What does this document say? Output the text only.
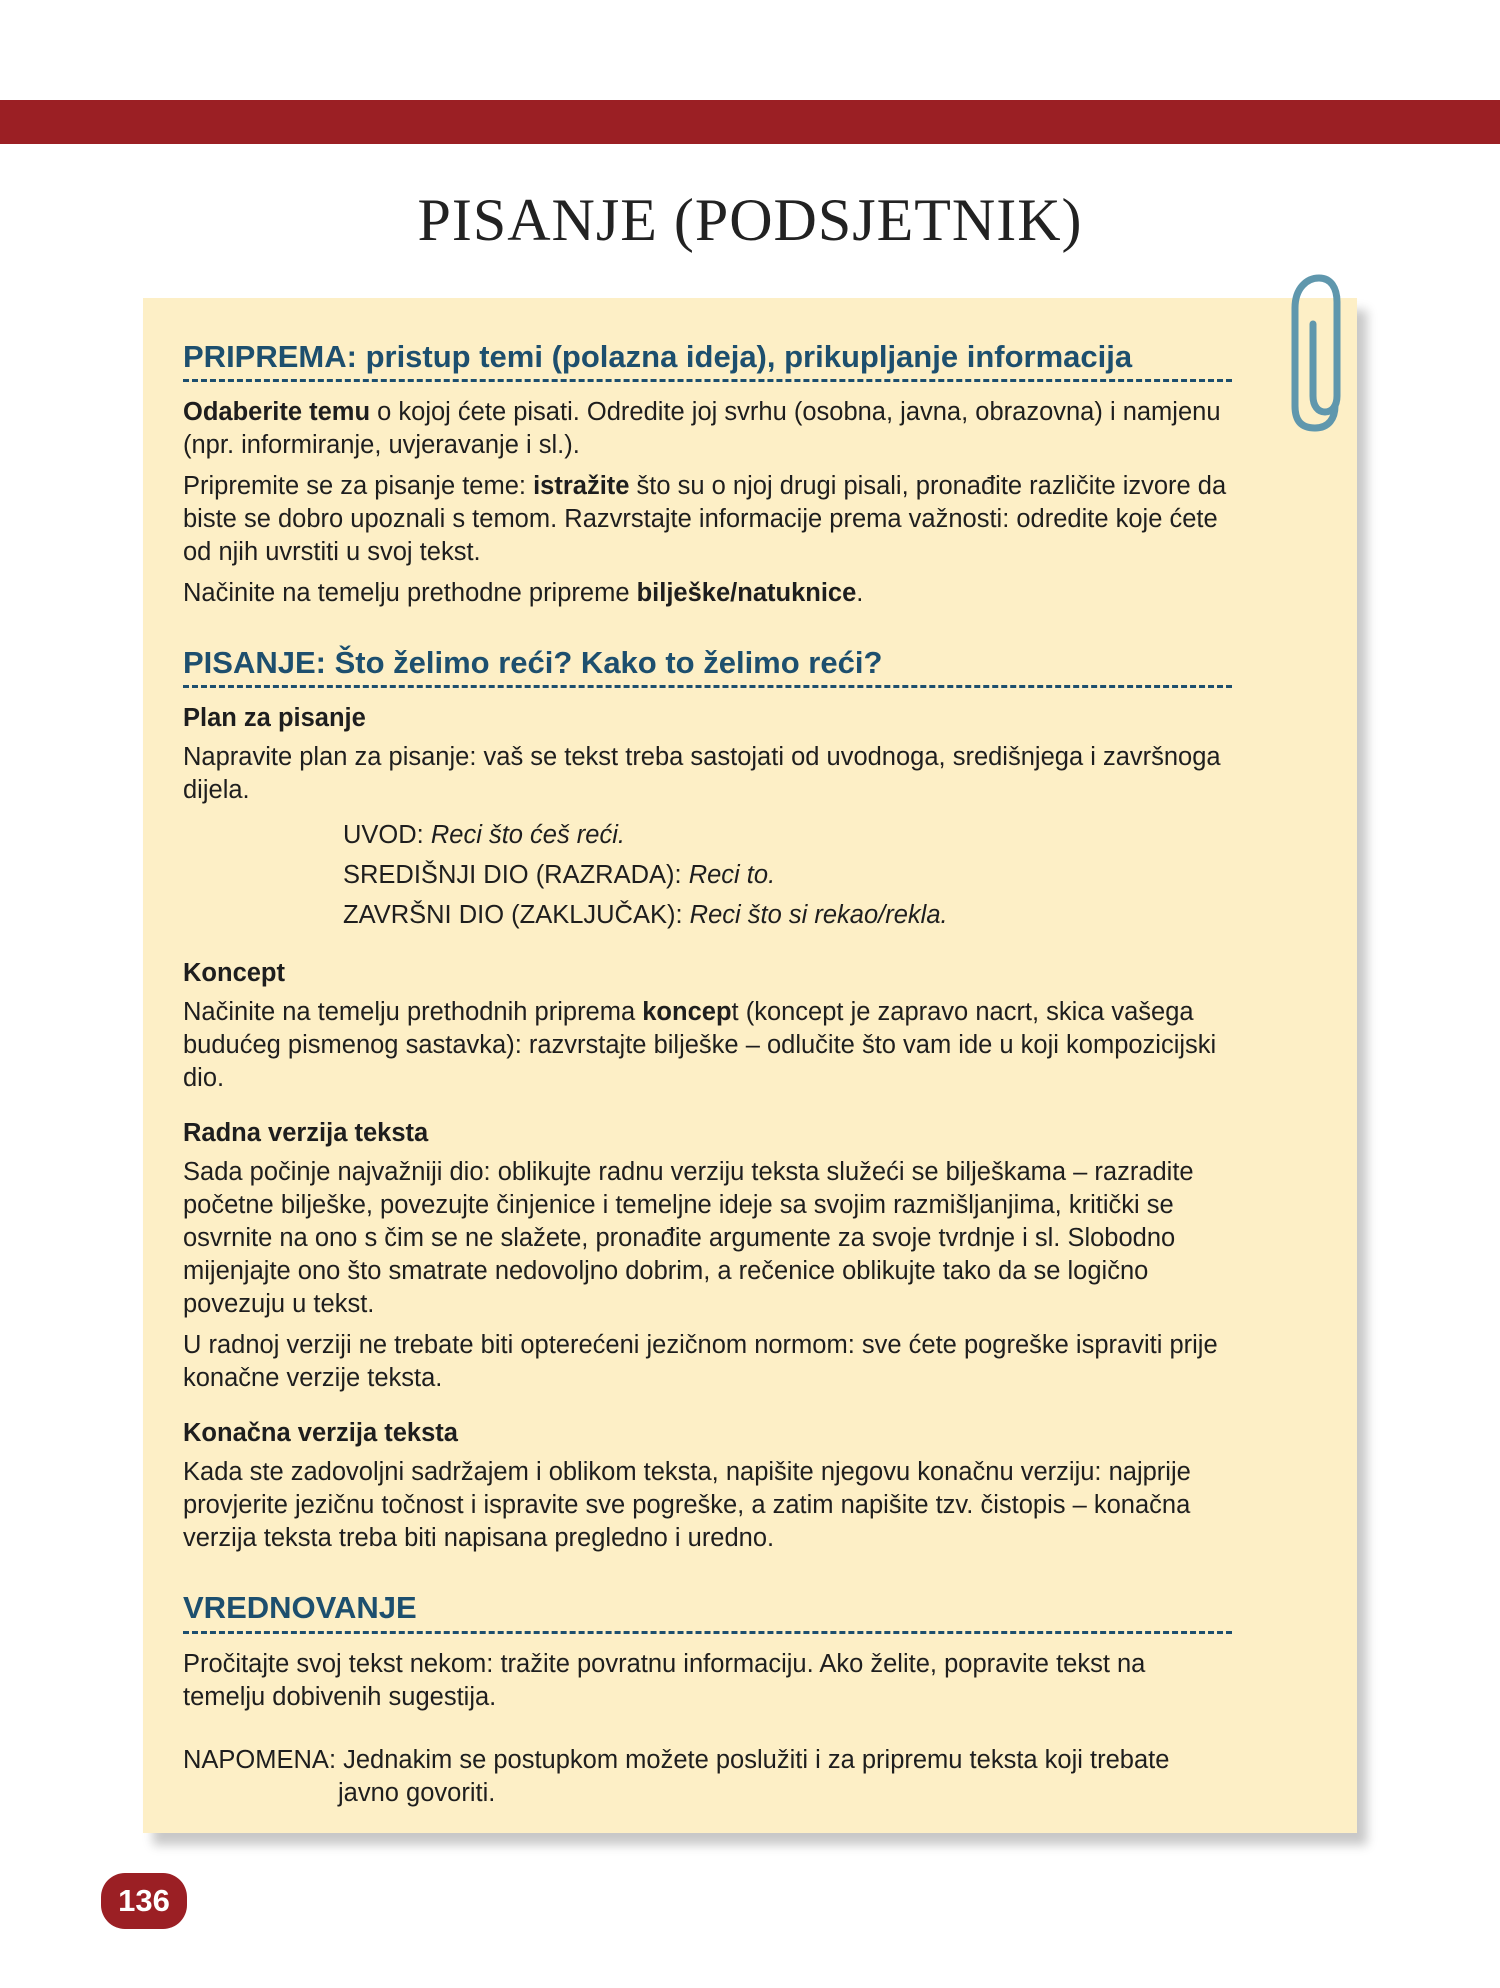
PISANJE (PODSJETNIK)
PRIPREMA: pristup temi (polazna ideja), prikupljanje informacija

Odaberite temu o kojoj ćete pisati. Odredite joj svrhu (osobna, javna, obrazovna) i namjenu (npr. informiranje, uvjeravanje i sl.).

Pripremite se za pisanje teme: istražite što su o njoj drugi pisali, pronađite različite izvore da biste se dobro upoznali s temom. Razvrstajte informacije prema važnosti: odredite koje ćete od njih uvrstiti u svoj tekst.

Načinite na temelju prethodne pripreme bilješke/natuknice.

PISANJE: Što želimo reći? Kako to želimo reći?
Plan za pisanje

Napravite plan za pisanje: vaš se tekst treba sastojati od uvodnoga, središnjega i završnoga dijela.

UVOD: Reci što ćeš reći.

SREDIŠNJI DIO (RAZRADA): Reci to.

ZAVRŠNI DIO (ZAKLJUČAK): Reci što si rekao/rekla.

Koncept

Načinite na temelju prethodnih priprema koncept (koncept je zapravo nacrt, skica vašega budućeg pismenog sastavka): razvrstajte bilješke – odlučite što vam ide u koji kompozicijski dio.

Radna verzija teksta

Sada počinje najvažniji dio: oblikujte radnu verziju teksta služeći se bilješkama – razradite početne bilješke, povezujte činjenice i temeljne ideje sa svojim razmišljanjima, kritički se osvrnite na ono s čim se ne slažete, pronađite argumente za svoje tvrdnje i sl. Slobodno mijenjajte ono što smatrate nedovoljno dobrim, a rečenice oblikujte tako da se logično povezuju u tekst.

U radnoj verziji ne trebate biti opterećeni jezičnom normom: sve ćete pogreške ispraviti prije konačne verzije teksta.

Konačna verzija teksta

Kada ste zadovoljni sadržajem i oblikom teksta, napišite njegovu konačnu verziju: najprije provjerite jezičnu točnost i ispravite sve pogreške, a zatim napišite tzv. čistopis – konačna verzija teksta treba biti napisana pregledno i uredno.

VREDNOVANJE

Pročitajte svoj tekst nekom: tražite povratnu informaciju. Ako želite, popravite tekst na temelju dobivenih sugestija.

NAPOMENA: Jednakim se postupkom možete poslužiti i za pripremu teksta koji trebate javno govoriti.

136
